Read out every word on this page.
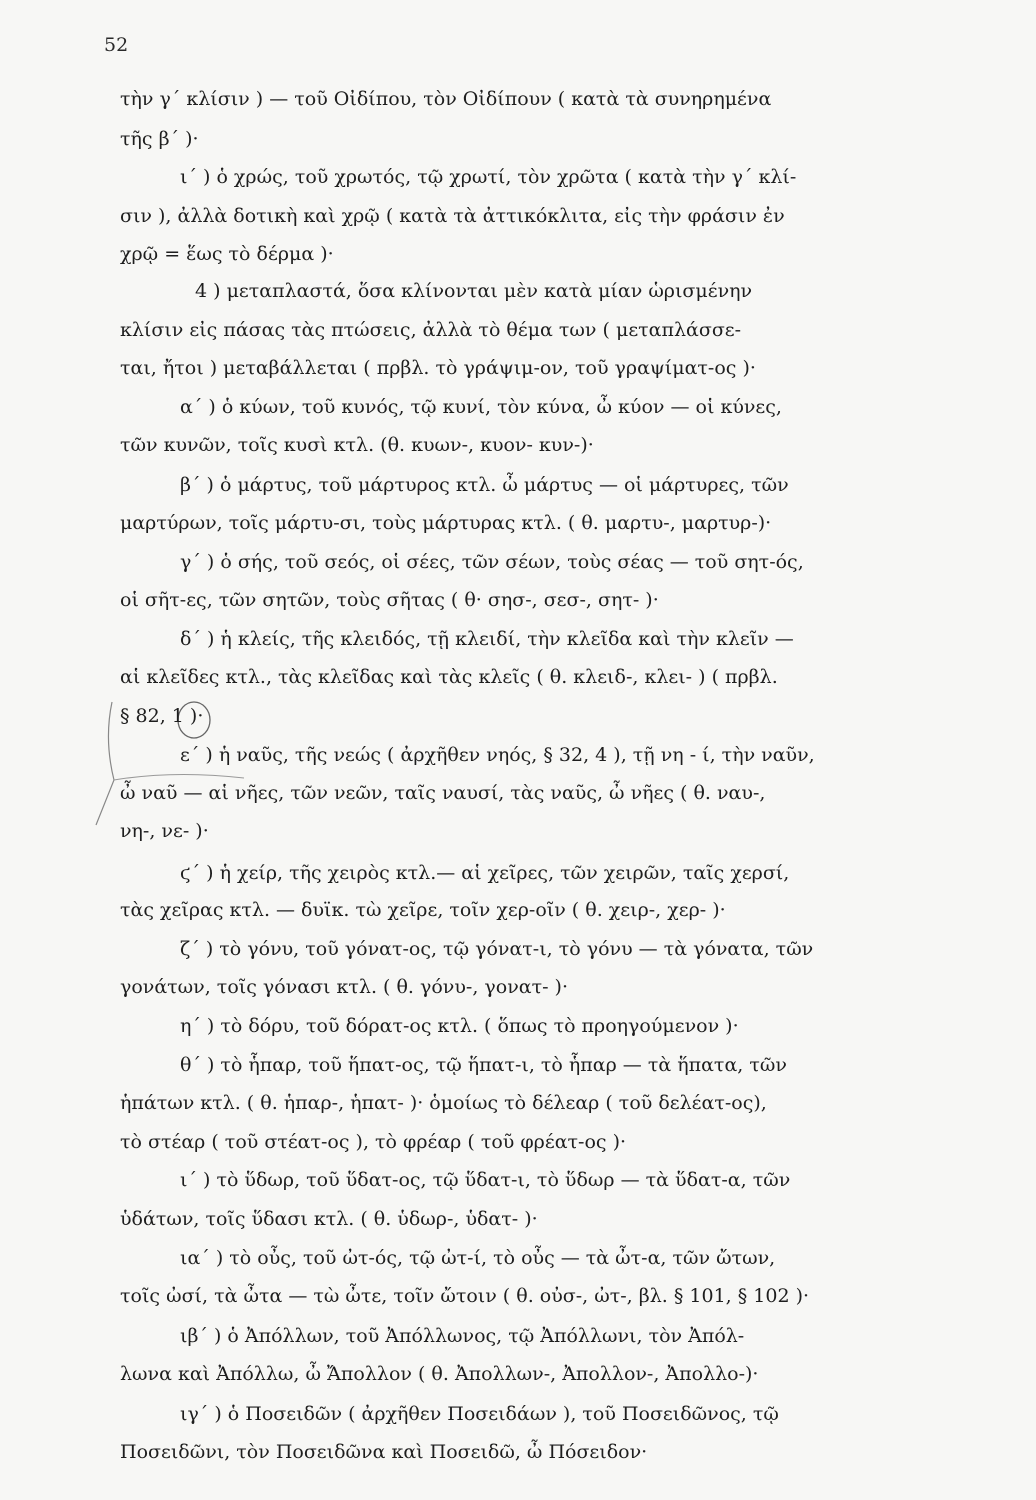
52
τὴν γ΄ κλίσιν ) — τοῦ Οἰδίπου, τὸν Οἰδίπουν ( κατὰ τὰ συνηρημένα
τῆς β΄ )·
ι΄ ) ὁ χρώς, τοῦ χρωτός, τῷ χρωτί, τὸν χρῶτα ( κατὰ τὴν γ΄ κλί-
σιν ), ἀλλὰ δοτικὴ καὶ χρῷ ( κατὰ τὰ ἀττικόκλιτα, εἰς τὴν φράσιν ἐν
χρῷ = ἕως τὸ δέρμα )·
4 ) μεταπλαστά, ὅσα κλίνονται μὲν κατὰ μίαν ὡρισμένην
κλίσιν εἰς πάσας τὰς πτώσεις, ἀλλὰ τὸ θέμα των ( μεταπλάσσε-
ται, ἤτοι ) μεταβάλλεται ( πρβλ. τὸ γράψιμ-ον, τοῦ γραψίματ-ος )·
α΄ ) ὁ κύων, τοῦ κυνός, τῷ κυνί, τὸν κύνα, ὦ κύον — οἱ κύνες,
τῶν κυνῶν, τοῖς κυσὶ κτλ. (θ. κυων-, κυον- κυν-)·
β΄ ) ὁ μάρτυς, τοῦ μάρτυρος κτλ. ὦ μάρτυς — οἱ μάρτυρες, τῶν
μαρτύρων, τοῖς μάρτυ-σι, τοὺς μάρτυρας κτλ. ( θ. μαρτυ-, μαρτυρ-)·
γ΄ ) ὁ σής, τοῦ σεός, οἱ σέες, τῶν σέων, τοὺς σέας — τοῦ σητ-ός,
οἱ σῆτ-ες, τῶν σητῶν, τοὺς σῆτας ( θ· σησ-, σεσ-, σητ- )·
δ΄ ) ἡ κλείς, τῆς κλειδός, τῇ κλειδί, τὴν κλεῖδα καὶ τὴν κλεῖν —
αἱ κλεῖδες κτλ., τὰς κλεῖδας καὶ τὰς κλεῖς ( θ. κλειδ-, κλει- ) ( πρβλ.
§ 82, 1 )·
ε΄ ) ἡ ναῦς, τῆς νεώς ( ἀρχῆθεν νηός, § 32, 4 ), τῇ νη - ί, τὴν ναῦν,
ὦ ναῦ — αἱ νῆες, τῶν νεῶν, ταῖς ναυσί, τὰς ναῦς, ὦ νῆες ( θ. ναυ-,
νη-, νε- )·
ϛ΄ ) ἡ χείρ, τῆς χειρὸς κτλ.— αἱ χεῖρες, τῶν χειρῶν, ταῖς χερσί,
τὰς χεῖρας κτλ. — δυϊκ. τὼ χεῖρε, τοῖν χερ-οῖν ( θ. χειρ-, χερ- )·
ζ΄ ) τὸ γόνυ, τοῦ γόνατ-ος, τῷ γόνατ-ι, τὸ γόνυ — τὰ γόνατα, τῶν
γονάτων, τοῖς γόνασι κτλ. ( θ. γόνυ-, γονατ- )·
η΄ ) τὸ δόρυ, τοῦ δόρατ-ος κτλ. ( ὅπως τὸ προηγούμενον )·
θ΄ ) τὸ ἧπαρ, τοῦ ἥπατ-ος, τῷ ἥπατ-ι, τὸ ἧπαρ — τὰ ἥπατα, τῶν
ἡπάτων κτλ. ( θ. ἡπαρ-, ἡπατ- )· ὁμοίως τὸ δέλεαρ ( τοῦ δελέατ-ος),
τὸ στέαρ ( τοῦ στέατ-ος ), τὸ φρέαρ ( τοῦ φρέατ-ος )·
ι΄ ) τὸ ὕδωρ, τοῦ ὕδατ-ος, τῷ ὕδατ-ι, τὸ ὕδωρ — τὰ ὕδατ-α, τῶν
ὑδάτων, τοῖς ὕδασι κτλ. ( θ. ὑδωρ-, ὑδατ- )·
ια΄ ) τὸ οὖς, τοῦ ὠτ-ός, τῷ ὠτ-ί, τὸ οὖς — τὰ ὦτ-α, τῶν ὤτων,
τοῖς ὠσί, τὰ ὦτα — τὼ ὦτε, τοῖν ὤτοιν ( θ. οὐσ-, ὠτ-, βλ. § 101, § 102 )·
ιβ΄ ) ὁ Ἀπόλλων, τοῦ Ἀπόλλωνος, τῷ Ἀπόλλωνι, τὸν Ἀπόλ-
λωνα καὶ Ἀπόλλω, ὦ Ἄπολλον ( θ. Ἀπολλων-, Ἀπολλον-, Ἀπολλο-)·
ιγ΄ ) ὁ Ποσειδῶν ( ἀρχῆθεν Ποσειδάων ), τοῦ Ποσειδῶνος, τῷ
Ποσειδῶνι, τὸν Ποσειδῶνα καὶ Ποσειδῶ, ὦ Πόσειδον·
